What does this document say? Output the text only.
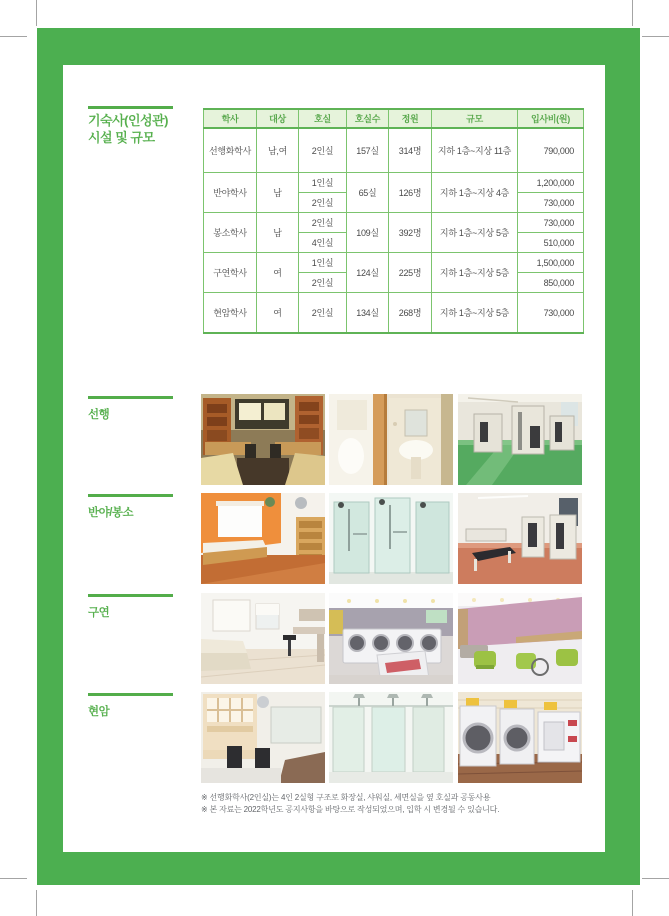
기숙사(인성관)
시설 및 규모
학사	대상	호실	호실수	정원	규모	입사비(원)
선행화학사	남,여	2인실	157실	314명	지하 1층~지상 11층	790,000
반야학사	남	1인실	65실	126명	지하 1층~지상 4층	1,200,000
		2인실				730,000
봉소학사	남	2인실	109실	392명	지하 1층~지상 5층	730,000
		4인실				510,000
구연학사	여	1인실	124실	225명	지하 1층~지상 5층	1,500,000
		2인실				850,000
현암학사	여	2인실	134실	268명	지하 1층~지상 5층	730,000
선행
반야/봉소
구연
현암
※ 선행화학사(2인실)는 4인 2실형 구조로 화장실, 샤워실, 세면실을 옆 호실과 공동사용
※ 본 자료는 2022학년도 공지사항을 바탕으로 작성되었으며, 입학 시 변경될 수 있습니다.
